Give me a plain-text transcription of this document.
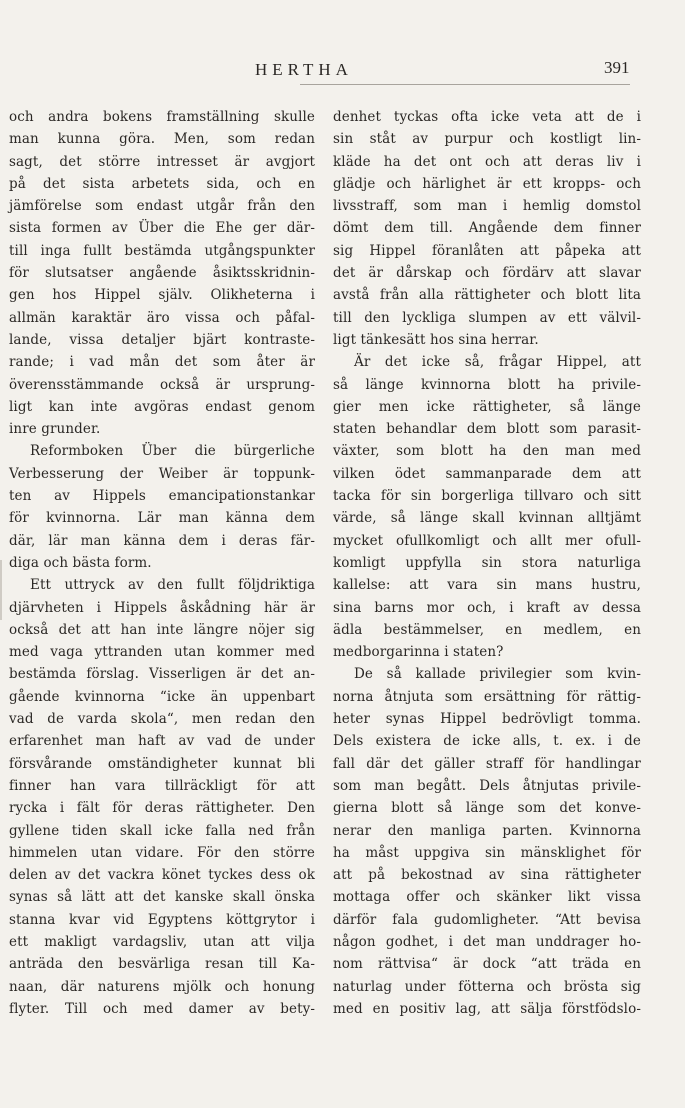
HERTHA	391
och andra bokens framställning skulle
man kunna göra. Men, som redan
sagt, det större intresset är avgjort
på det sista arbetets sida, och en
jämförelse som endast utgår från den
sista formen av Über die Ehe ger där-
till inga fullt bestämda utgångspunkter
för slutsatser angående åsiktsskridnin-
gen hos Hippel själv. Olikheterna i
allmän karaktär äro vissa och påfal-
lande, vissa detaljer bjärt kontraste-
rande; i vad mån det som åter är
överensstämmande också är ursprung-
ligt kan inte avgöras endast genom
inre grunder.
Reformboken Über die bürgerliche
Verbesserung der Weiber är toppunk-
ten av Hippels emancipationstankar
för kvinnorna. Lär man känna dem
där, lär man känna dem i deras fär-
diga och bästa form.
Ett uttryck av den fullt följdriktiga
djärvheten i Hippels åskådning här är
också det att han inte längre nöjer sig
med vaga yttranden utan kommer med
bestämda förslag. Visserligen är det an-
gående kvinnorna “icke än uppenbart
vad de varda skola“, men redan den
erfarenhet man haft av vad de under
försvårande omständigheter kunnat bli
finner han vara tillräckligt för att
rycka i fält för deras rättigheter. Den
gyllene tiden skall icke falla ned från
himmelen utan vidare. För den större
delen av det vackra könet tyckes dess ok
synas så lätt att det kanske skall önska
stanna kvar vid Egyptens köttgrytor i
ett makligt vardagsliv, utan att vilja
anträda den besvärliga resan till Ka-
naan, där naturens mjölk och honung
flyter. Till och med damer av bety-
denhet tyckas ofta icke veta att de i
sin ståt av purpur och kostligt lin-
kläde ha det ont och att deras liv i
glädje och härlighet är ett kropps- och
livsstraff, som man i hemlig domstol
dömt dem till. Angående dem finner
sig Hippel föranlåten att påpeka att
det är dårskap och fördärv att slavar
avstå från alla rättigheter och blott lita
till den lyckliga slumpen av ett välvil-
ligt tänkesätt hos sina herrar.
Är det icke så, frågar Hippel, att
så länge kvinnorna blott ha privile-
gier men icke rättigheter, så länge
staten behandlar dem blott som parasit-
växter, som blott ha den man med
vilken ödet sammanparade dem att
tacka för sin borgerliga tillvaro och sitt
värde, så länge skall kvinnan alltjämt
mycket ofullkomligt och allt mer ofull-
komligt uppfylla sin stora naturliga
kallelse: att vara sin mans hustru,
sina barns mor och, i kraft av dessa
ädla bestämmelser, en medlem, en
medborgarinna i staten?
De så kallade privilegier som kvin-
norna åtnjuta som ersättning för rättig-
heter synas Hippel bedrövligt tomma.
Dels existera de icke alls, t. ex. i de
fall där det gäller straff för handlingar
som man begått. Dels åtnjutas privile-
gierna blott så länge som det konve-
nerar den manliga parten. Kvinnorna
ha måst uppgiva sin mänsklighet för
att på bekostnad av sina rättigheter
mottaga offer och skänker likt vissa
därför fala gudomligheter. “Att bevisa
någon godhet, i det man unddrager ho-
nom rättvisa“ är dock “att träda en
naturlag under fötterna och brösta sig
med en positiv lag, att sälja förstfödslo-
